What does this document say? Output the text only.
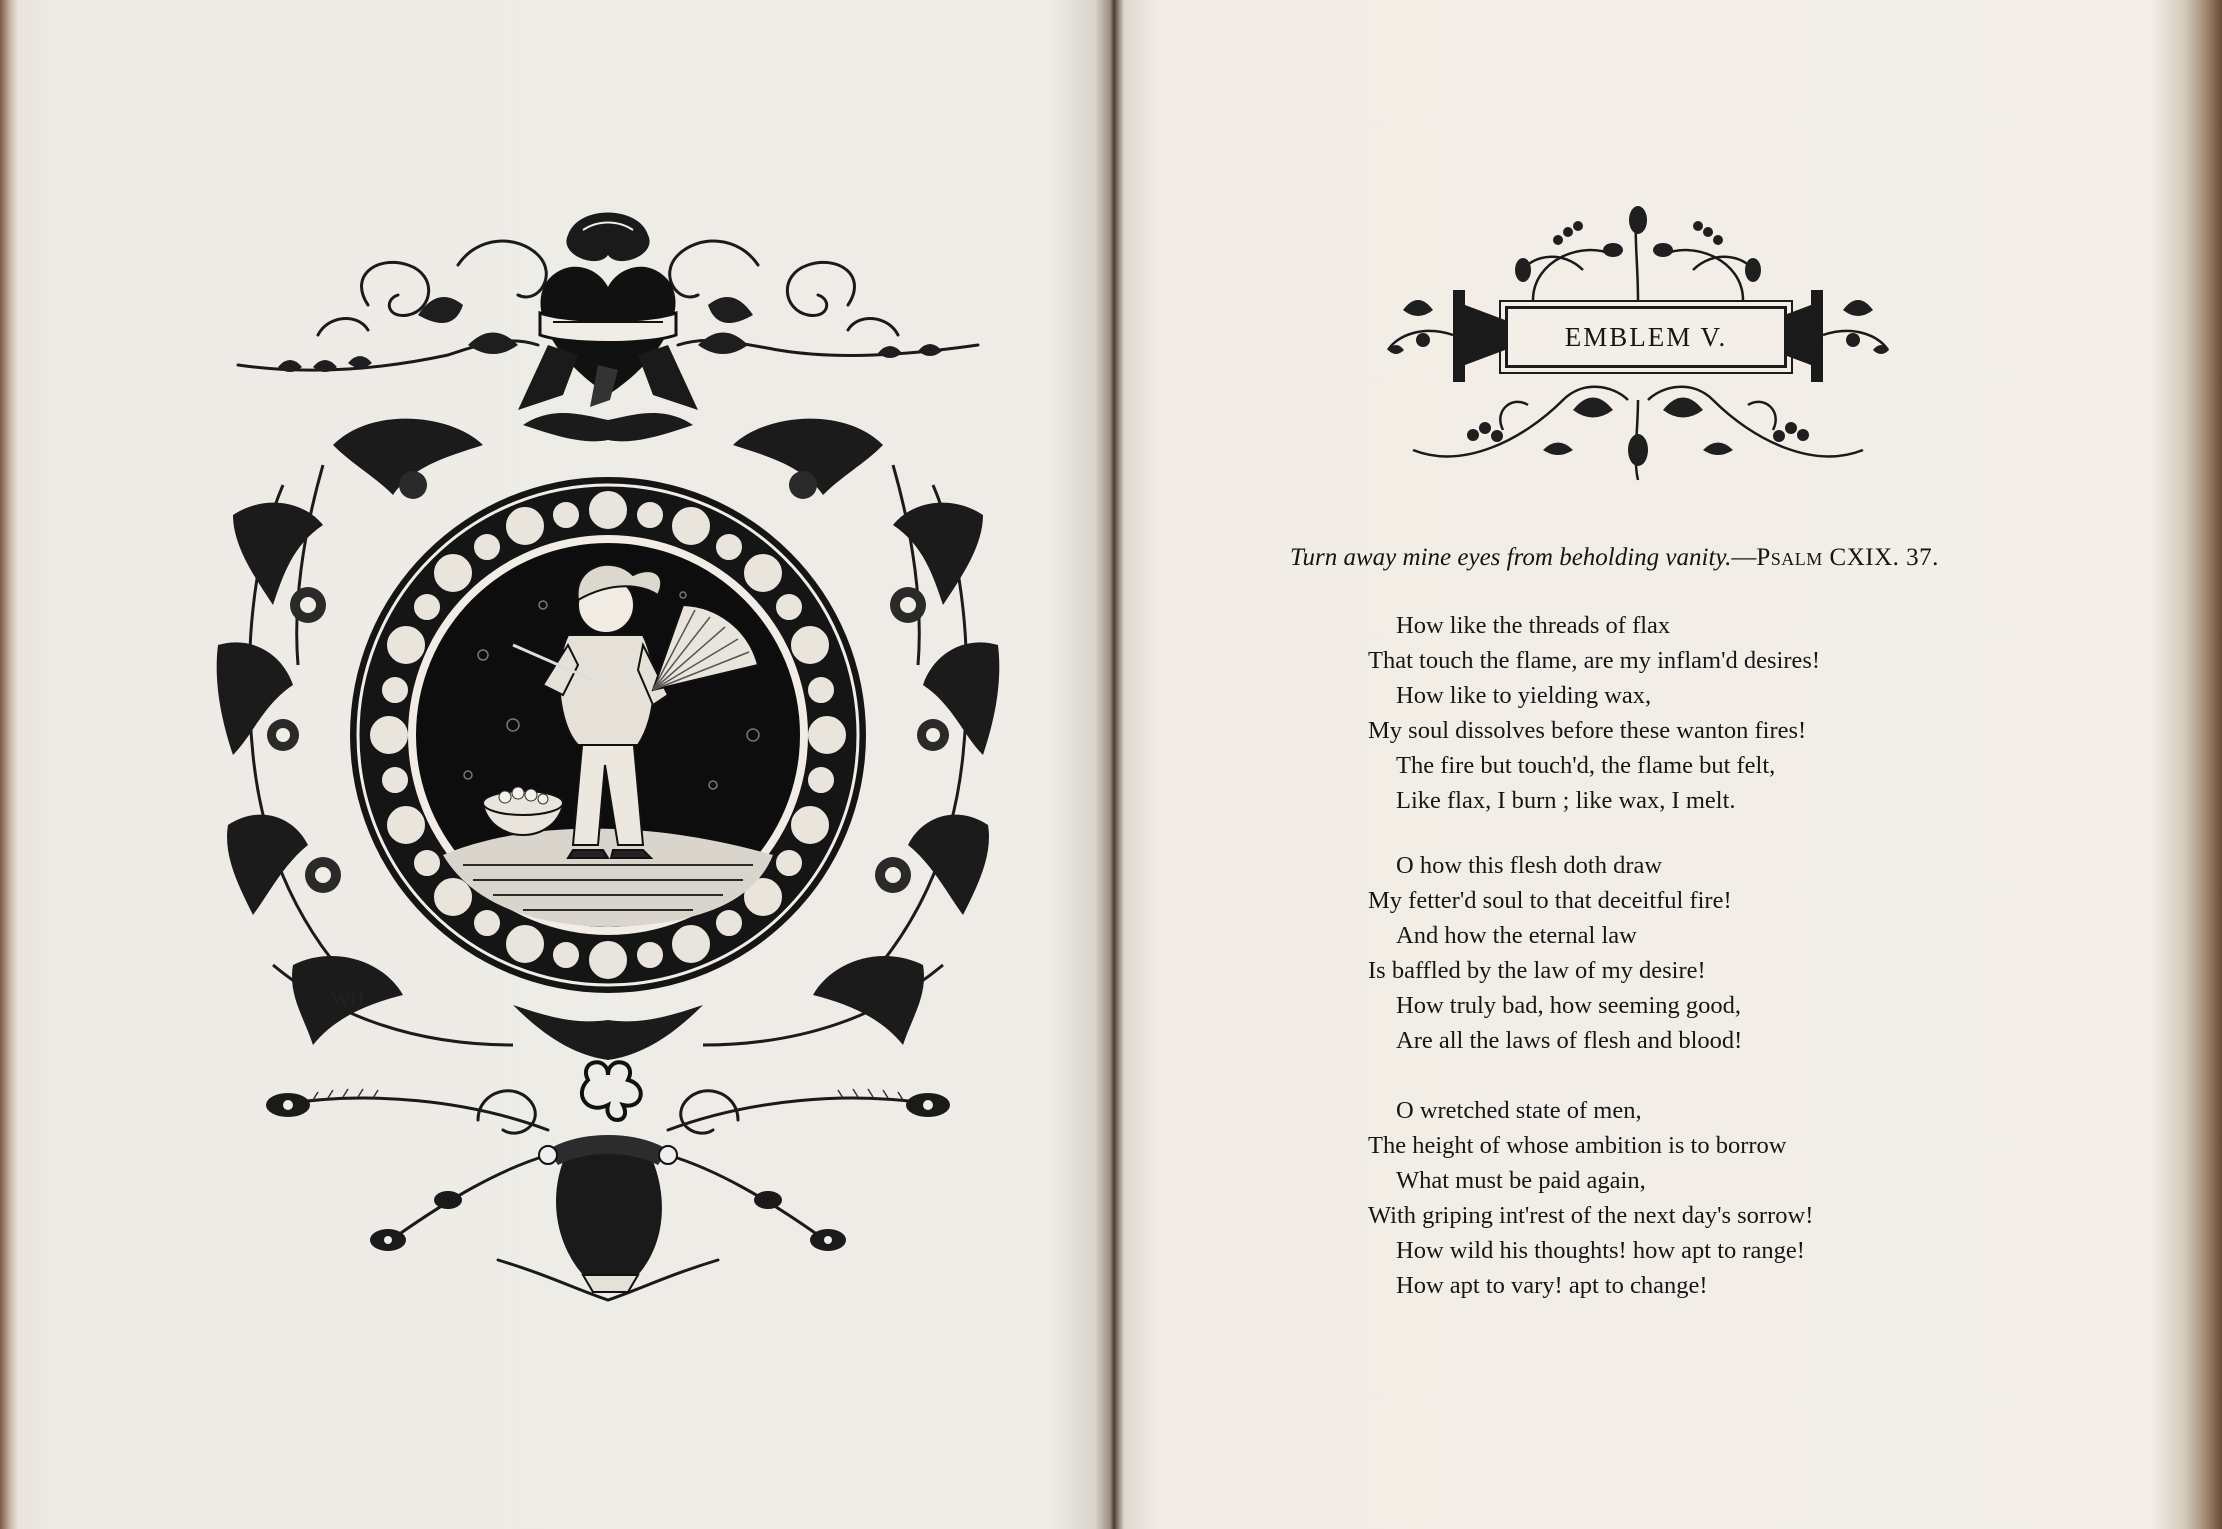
WH
EMBLEM V.
Turn away mine eyes from beholding vanity.—Psalm CXIX. 37.
How like the threads of flax
That touch the flame, are my inflam'd desires!
How like to yielding wax,
My soul dissolves before these wanton fires!
The fire but touch'd, the flame but felt,
Like flax, I burn ; like wax, I melt.
O how this flesh doth draw
My fetter'd soul to that deceitful fire!
And how the eternal law
Is baffled by the law of my desire!
How truly bad, how seeming good,
Are all the laws of flesh and blood!
O wretched state of men,
The height of whose ambition is to borrow
What must be paid again,
With griping int'rest of the next day's sorrow!
How wild his thoughts! how apt to range!
How apt to vary! apt to change!
